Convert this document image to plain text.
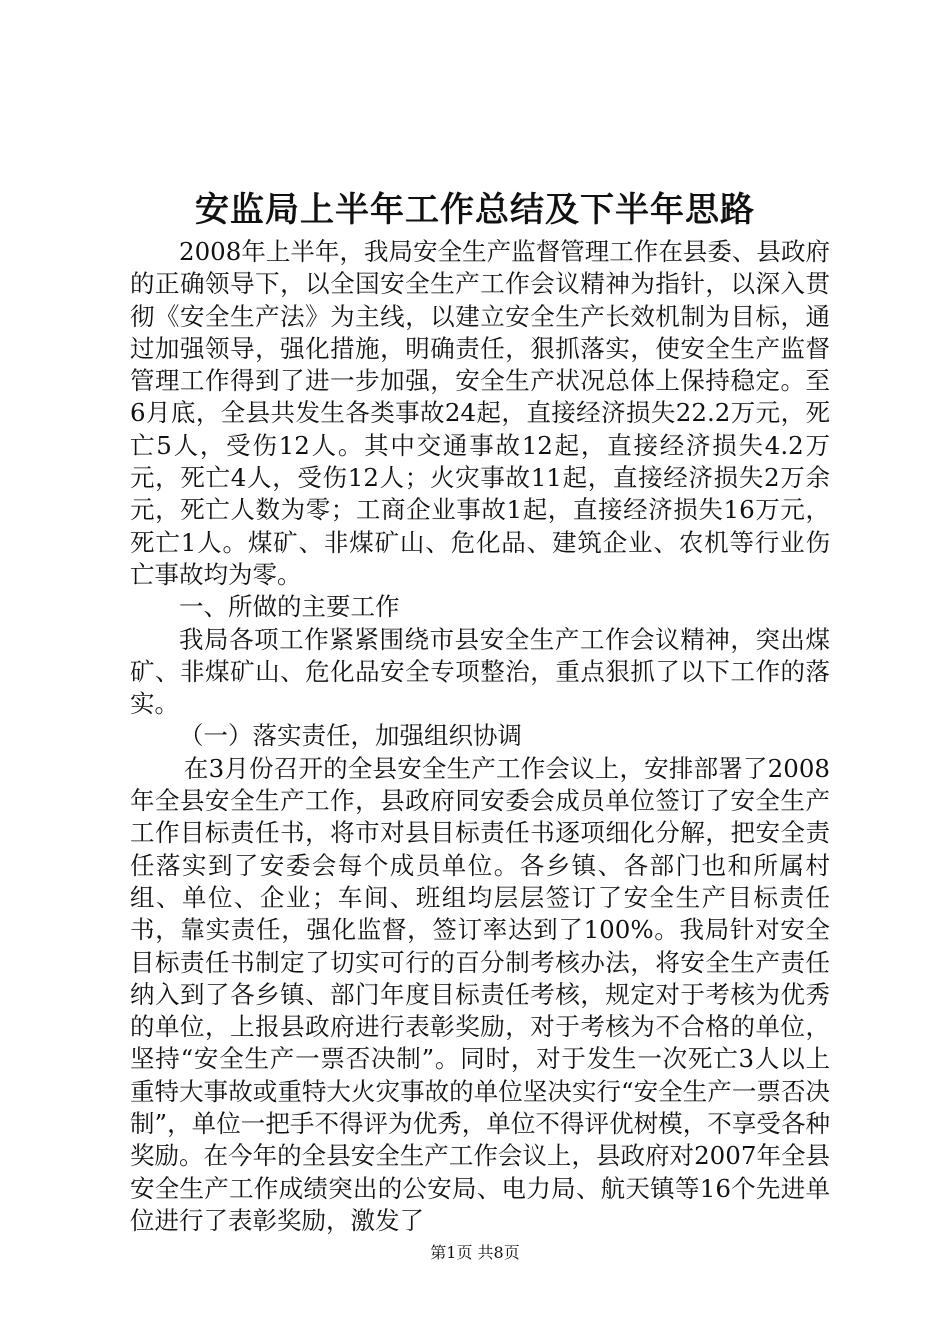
安监局上半年工作总结及下半年思路

2008年上半年，我局安全生产监督管理工作在县委、县政府的正确领导下，以全国安全生产工作会议精神为指针，以深入贯彻《安全生产法》为主线，以建立安全生产长效机制为目标，通过加强领导，强化措施，明确责任，狠抓落实，使安全生产监督管理工作得到了进一步加强，安全生产状况总体上保持稳定。至6月底，全县共发生各类事故24起，直接经济损失22.2万元，死亡5人，受伤12人。其中交通事故12起，直接经济损失4.2万元，死亡4人，受伤12人；火灾事故11起，直接经济损失2万余元，死亡人数为零；工商企业事故1起，直接经济损失16万元，死亡1人。煤矿、非煤矿山、危化品、建筑企业、农机等行业伤亡事故均为零。

一、所做的主要工作

我局各项工作紧紧围绕市县安全生产工作会议精神，突出煤矿、非煤矿山、危化品安全专项整治，重点狠抓了以下工作的落实。

（一）落实责任，加强组织协调

在3月份召开的全县安全生产工作会议上，安排部署了2008年全县安全生产工作，县政府同安委会成员单位签订了安全生产工作目标责任书，将市对县目标责任书逐项细化分解，把安全责任落实到了安委会每个成员单位。各乡镇、各部门也和所属村组、单位、企业；车间、班组均层层签订了安全生产目标责任书，靠实责任，强化监督，签订率达到了100%。我局针对安全目标责任书制定了切实可行的百分制考核办法，将安全生产责任纳入到了各乡镇、部门年度目标责任考核，规定对于考核为优秀的单位，上报县政府进行表彰奖励，对于考核为不合格的单位，坚持“安全生产一票否决制”。同时，对于发生一次死亡3人以上重特大事故或重特大火灾事故的单位坚决实行“安全生产一票否决制”，单位一把手不得评为优秀，单位不得评优树模，不享受各种奖励。在今年的全县安全生产工作会议上，县政府对2007年全县安全生产工作成绩突出的公安局、电力局、航天镇等16个先进单位进行了表彰奖励，激发了

第1页 共8页
